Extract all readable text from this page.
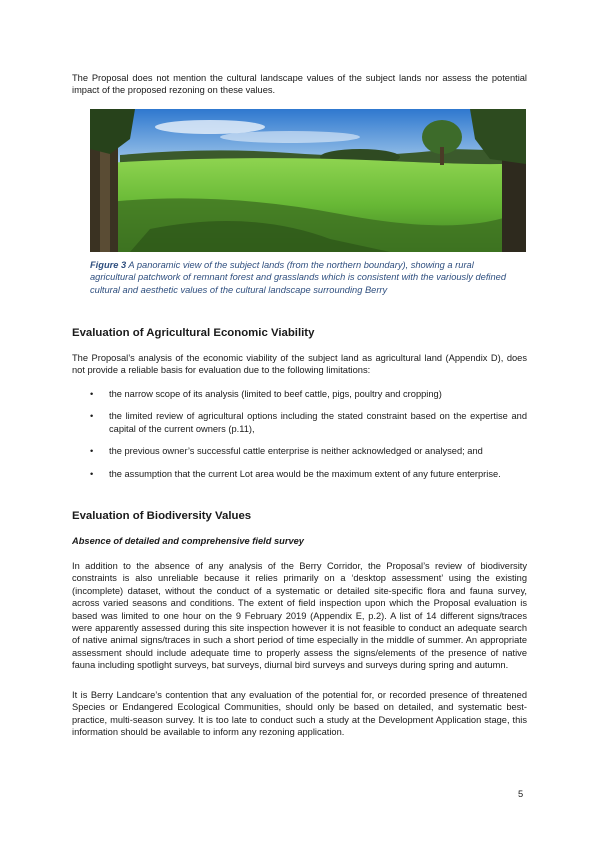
The Proposal does not mention the cultural landscape values of the subject lands nor assess the potential impact of the proposed rezoning on these values.

Figure 3 A panoramic view of the subject lands (from the northern boundary), showing a rural agricultural patchwork of remnant forest and grasslands which is consistent with the variously defined cultural and aesthetic values of the cultural landscape surrounding Berry

Evaluation of Agricultural Economic Viability

The Proposal’s analysis of the economic viability of the subject land as agricultural land (Appendix D), does not provide a reliable basis for evaluation due to the following limitations:

• the narrow scope of its analysis (limited to beef cattle, pigs, poultry and cropping)
• the limited review of agricultural options including the stated constraint based on the expertise and capital of the current owners (p.11),
• the previous owner’s successful cattle enterprise is neither acknowledged or analysed; and
• the assumption that the current Lot area would be the maximum extent of any future enterprise.
Evaluation of Biodiversity Values
Absence of detailed and comprehensive field survey

In addition to the absence of any analysis of the Berry Corridor, the Proposal’s review of biodiversity constraints is also unreliable because it relies primarily on a ‘desktop assessment’ using the existing (incomplete) dataset, without the conduct of a systematic or detailed site-specific flora and fauna survey, across varied seasons and conditions. The extent of field inspection upon which the Proposal evaluation is based was limited to one hour on the 9 February 2019 (Appendix E, p.2). A list of 14 different signs/traces were apparently assessed during this site inspection however it is not feasible to conduct an adequate search of native animal signs/traces in such a short period of time especially in the middle of summer. An appropriate assessment should include adequate time to properly assess the signs/elements of the presence of native fauna including spotlight surveys, bat surveys, diurnal bird surveys and surveys during spring and autumn.

It is Berry Landcare’s contention that any evaluation of the potential for, or recorded presence of threatened Species or Endangered Ecological Communities, should only be based on detailed, and systematic best-practice, multi-season survey. It is too late to conduct such a study at the Development Application stage, this information should be available to inform any rezoning application.

5
